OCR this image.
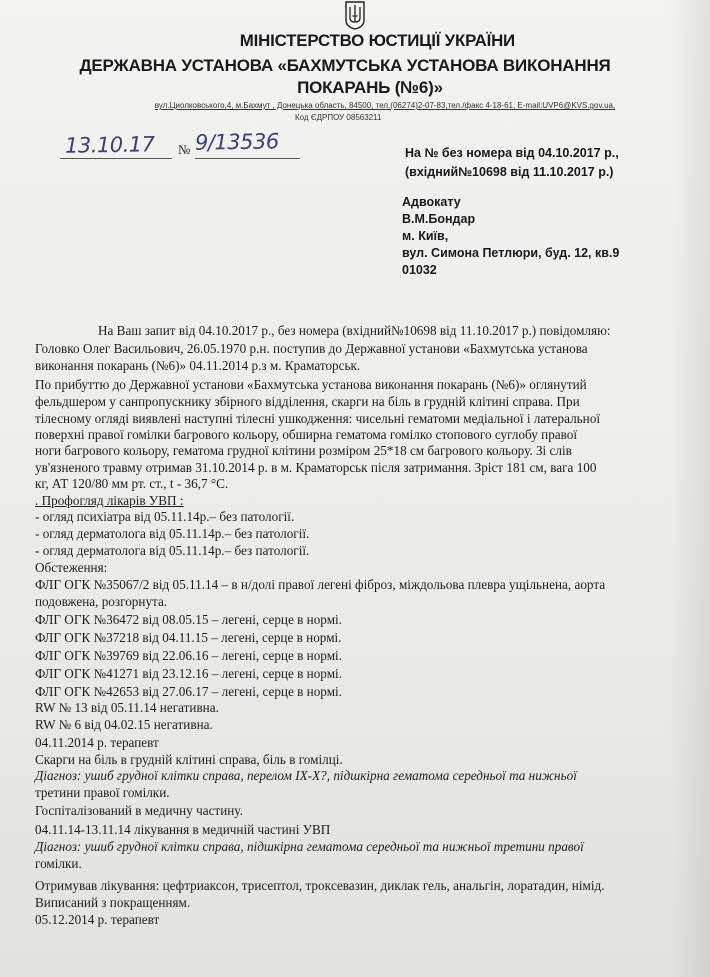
МІНІСТЕРСТВО ЮСТИЦІЇ УКРАЇНИ
ДЕРЖАВНА УСТАНОВА «БАХМУТСЬКА УСТАНОВА ВИКОНАННЯ
ПОКАРАНЬ (№6)»
вул.Циолковського,4, м.Бахмут , Донецька область, 84500, тел.(06274)2-07-83,тел./факс 4-18-61, E-mail:UVP6@KVS.gov.ua,
Код ЄДРПОУ 08563211
13.10.17 № 9/13536	На № без номера від 04.10.2017 р.,
(вхідний№10698 від 11.10.2017 р.)
Адвокату
В.М.Бондар
м. Київ,
вул. Симона Петлюри, буд. 12, кв.9
01032
На Ваш запит від 04.10.2017 р., без номера (вхідний№10698 від 11.10.2017 р.) повідомляю:
Головко Олег Васильович, 26.05.1970 р.н. поступив до Державної установи «Бахмутська установа
виконання покарань (№6)» 04.11.2014 р.з м. Краматорськ.
По прибуттю до Державної установи «Бахмутська установа виконання покарань (№6)» оглянутий
фельдшером у санпропускнику збірного відділення, скарги на біль в грудній клітині справа. При
тілесному огляді виявлені наступні тілесні ушкодження: чисельні гематоми медіальної і латеральної
поверхні правої гомілки багрового кольору, обширна гематома гомілко стопового суглобу правої
ноги багрового кольору, гематома грудної клітини розміром 25*18 см багрового кольору. Зі слів
ув'язненого травму отримав 31.10.2014 р. в м. Краматорськ після затримання. Зріст 181 см, вага 100
кг, АТ 120/80 мм рт. ст., t - 36,7 °С.
. Профогляд лікарів УВП :
- огляд психіатра від 05.11.14р.– без патології.
- огляд дерматолога від 05.11.14р.– без патології.
- огляд дерматолога від 05.11.14р.– без патології.
Обстеження:
ФЛГ ОГК №35067/2 від 05.11.14 – в н/долі правої легені фіброз, міждольова плевра ущільнена, аорта
подовжена, розгорнута.
ФЛГ ОГК №36472 від 08.05.15 – легені, серце в нормі.
ФЛГ ОГК №37218 від 04.11.15 – легені, серце в нормі.
ФЛГ ОГК №39769 від 22.06.16 – легені, серце в нормі.
ФЛГ ОГК №41271 від 23.12.16 – легені, серце в нормі.
ФЛГ ОГК №42653 від 27.06.17 – легені, серце в нормі.
RW № 13 від 05.11.14 негативна.
RW № 6 від 04.02.15 негативна.
04.11.2014 р. терапевт
Скарги на біль в грудній клітині справа, біль в гомілці.
Діагноз: ушиб грудної клітки справа, перелом IX-X?, підшкірна гематома середньої та нижньої
третини правої гомілки.
Госпіталізований в медичну частину.
04.11.14-13.11.14 лікування в медичній частині УВП
Діагноз: ушиб грудної клітки справа, підшкірна гематома середньої та нижньої третини правої
гомілки.
Отримував лікування: цефтриаксон, трисептол, трокcевазин, диклак гель, анальгін, лоратадин, німід.
Виписаний з покращенням.
05.12.2014 р. терапевт
